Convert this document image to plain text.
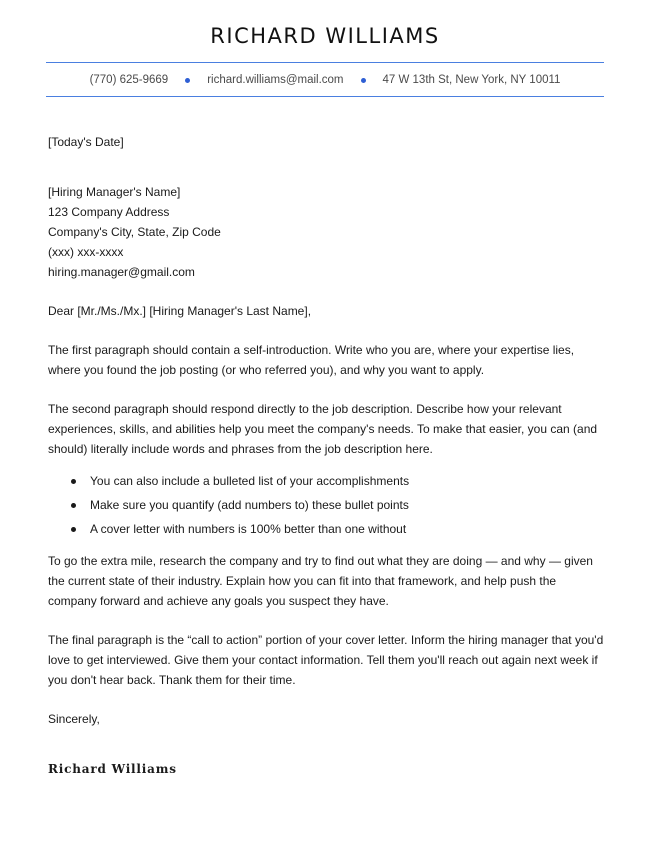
RICHARD WILLIAMS
(770) 625-9669	richard.williams@mail.com	47 W 13th St, New York, NY 10011

[Today's Date]

[Hiring Manager's Name]

123 Company Address

Company's City, State, Zip Code

(xxx) xxx-xxxx

hiring.manager@gmail.com

Dear [Mr./Ms./Mx.] [Hiring Manager's Last Name],

The first paragraph should contain a self-introduction. Write who you are, where your expertise lies, where you found the job posting (or who referred you), and why you want to apply.

The second paragraph should respond directly to the job description. Describe how your relevant experiences, skills, and abilities help you meet the company's needs. To make that easier, you can (and should) literally include words and phrases from the job description here.

You can also include a bulleted list of your accomplishments
Make sure you quantify (add numbers to) these bullet points
A cover letter with numbers is 100% better than one without

To go the extra mile, research the company and try to find out what they are doing — and why — given the current state of their industry. Explain how you can fit into that framework, and help push the company forward and achieve any goals you suspect they have.

The final paragraph is the “call to action” portion of your cover letter. Inform the hiring manager that you'd love to get interviewed. Give them your contact information. Tell them you'll reach out again next week if you don't hear back. Thank them for their time.

Sincerely,

Richard Williams
